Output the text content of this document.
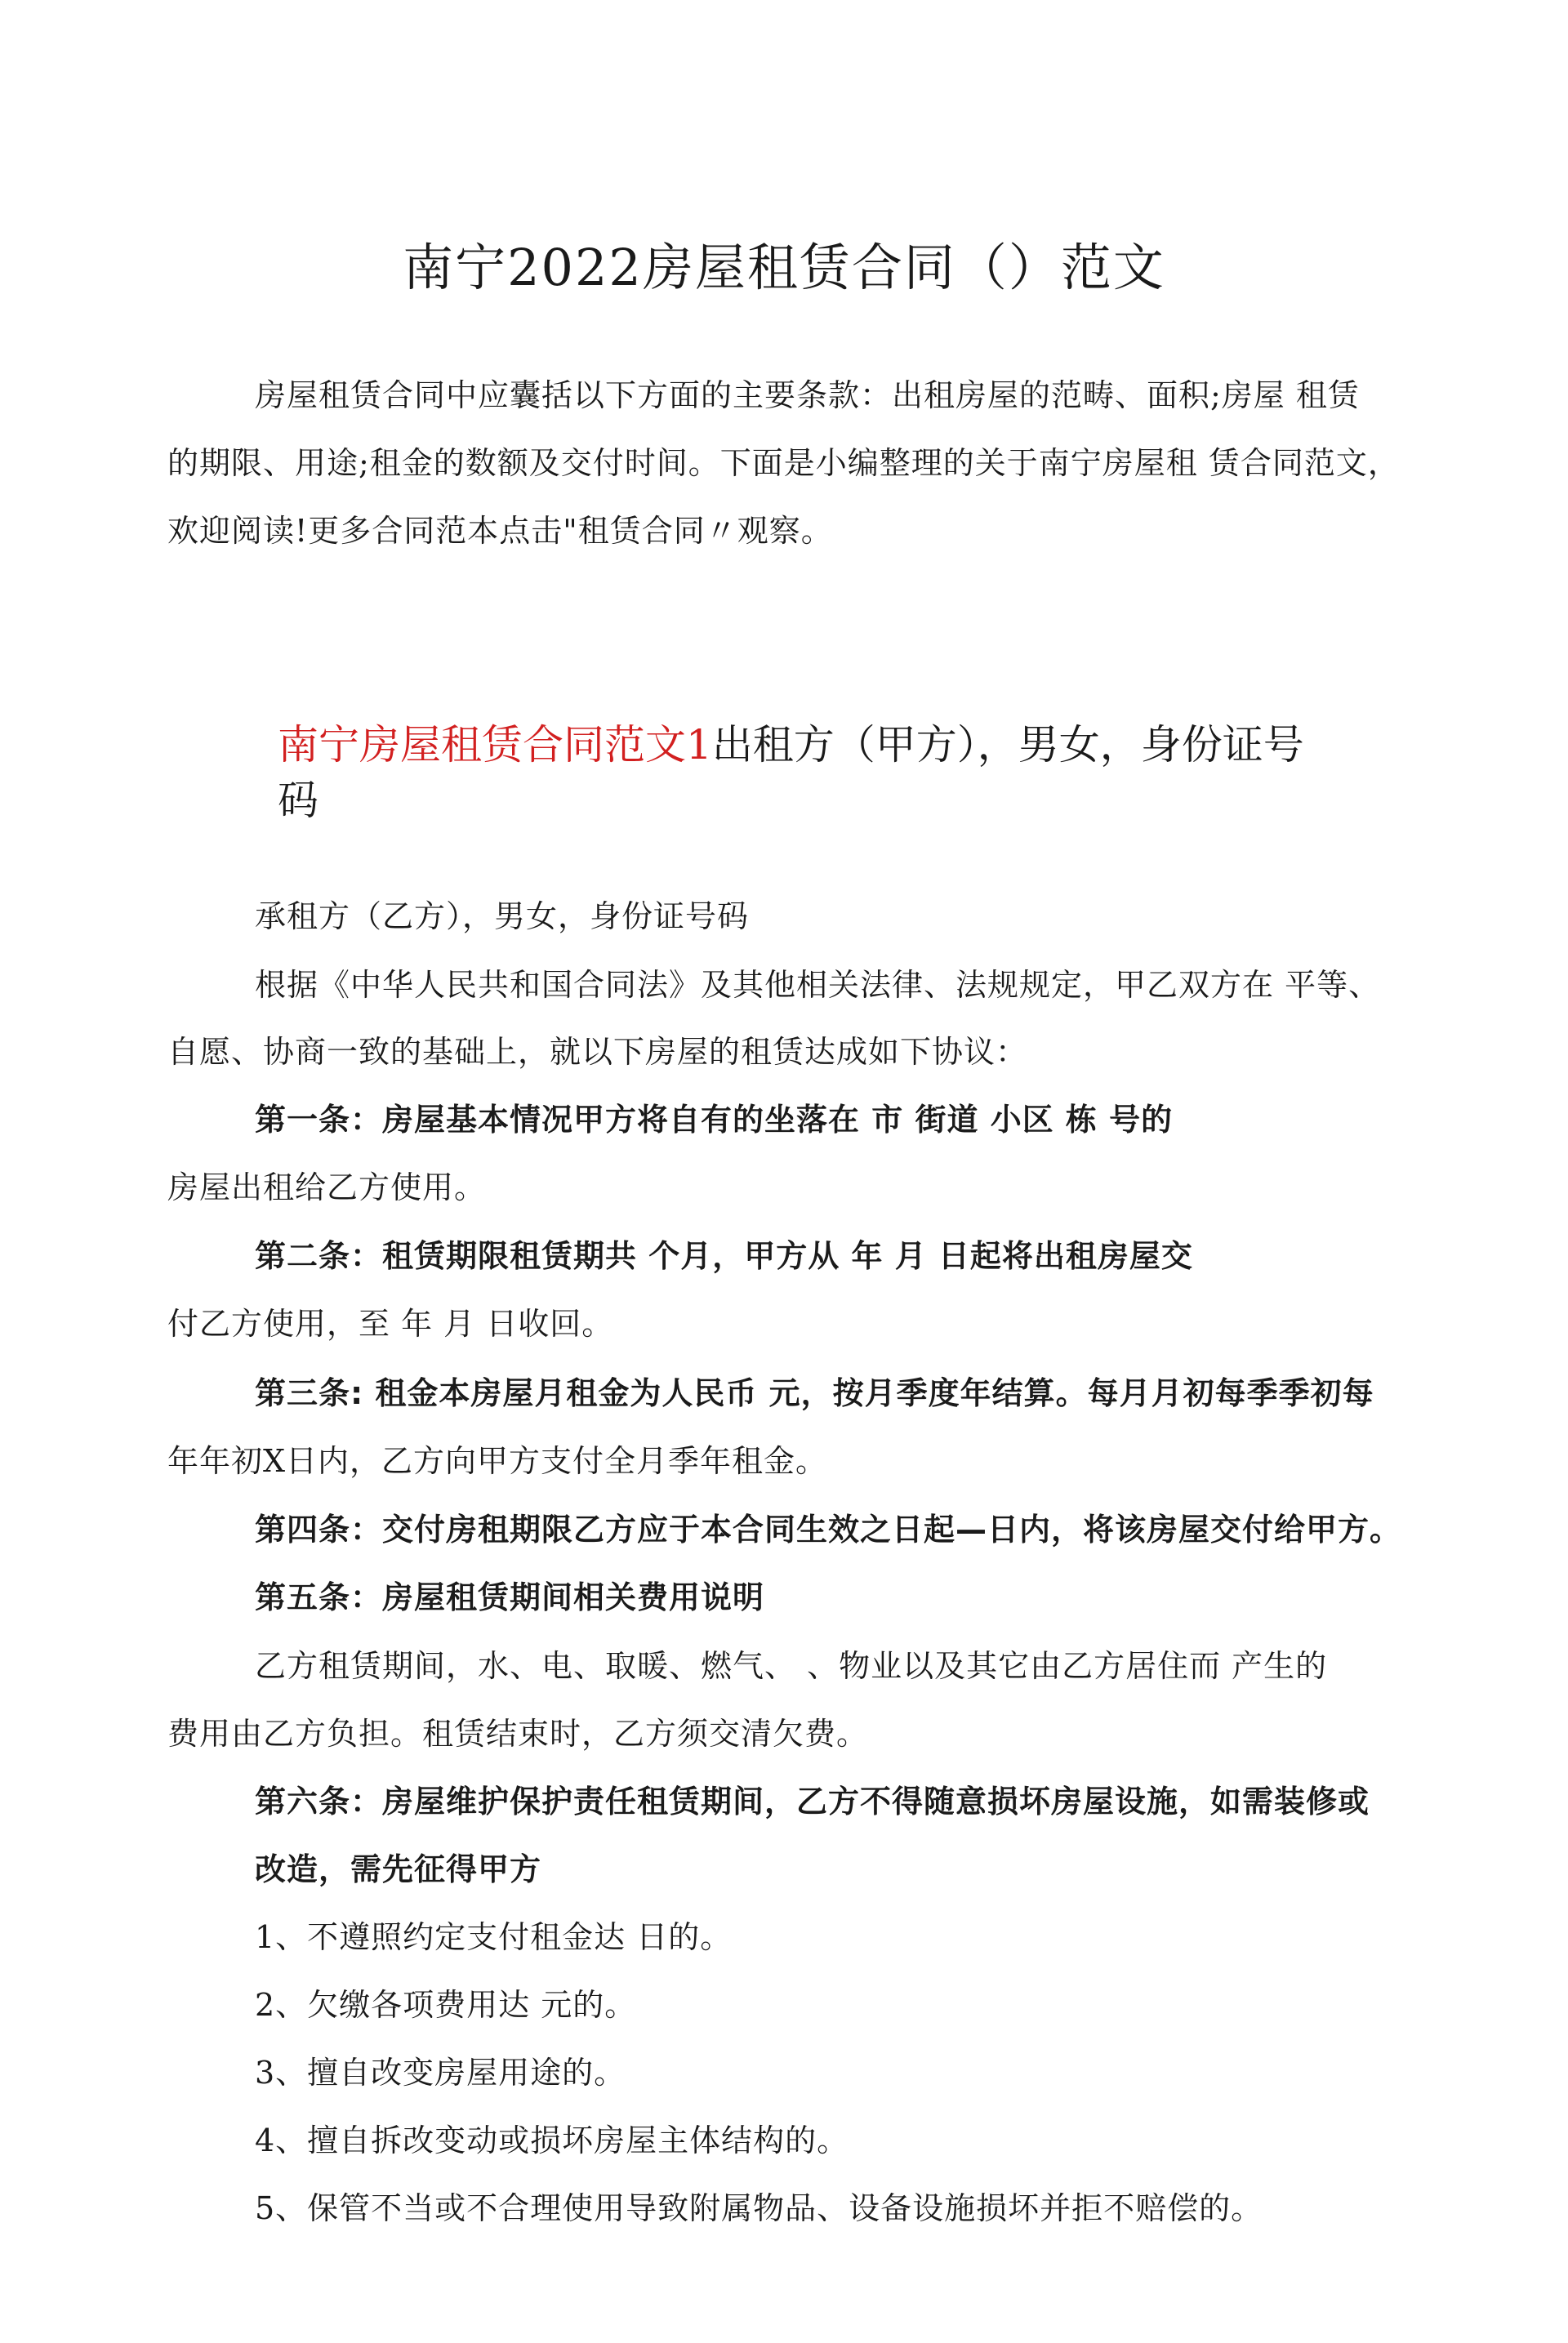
南宁2022房屋租赁合同（）范文
房屋租赁合同中应囊括以下方面的主要条款：出租房屋的范畴、面积;房屋 租赁
的期限、用途;租金的数额及交付时间。下面是小编整理的关于南宁房屋租 赁合同范文，
欢迎阅读!更多合同范本点击"租赁合同〃观察。
南宁房屋租赁合同范文1出租方（甲方），男女，身份证号
码
承租方（乙方），男女，身份证号码
根据《中华人民共和国合同法》及其他相关法律、法规规定，甲乙双方在 平等、
自愿、协商一致的基础上，就以下房屋的租赁达成如下协议：
第一条：房屋基本情况甲方将自有的坐落在 市 街道 小区 栋 号的
房屋出租给乙方使用。
第二条：租赁期限租赁期共 个月，甲方从 年 月 日起将出租房屋交
付乙方使用，至 年 月 日收回。
第三条: 租金本房屋月租金为人民币 元，按月季度年结算。每月月初每季季初每
年年初X日内，乙方向甲方支付全月季年租金。
第四条：交付房租期限乙方应于本合同生效之日起—日内，将该房屋交付给甲方。
第五条：房屋租赁期间相关费用说明
乙方租赁期间，水、电、取暖、燃气、 、物业以及其它由乙方居住而 产生的
费用由乙方负担。租赁结束时，乙方须交清欠费。
第六条：房屋维护保护责任租赁期间，乙方不得随意损坏房屋设施，如需装修或
改造，需先征得甲方
1、不遵照约定支付租金达 日的。
2、欠缴各项费用达 元的。
3、擅自改变房屋用途的。
4、擅自拆改变动或损坏房屋主体结构的。
5、保管不当或不合理使用导致附属物品、设备设施损坏并拒不赔偿的。
